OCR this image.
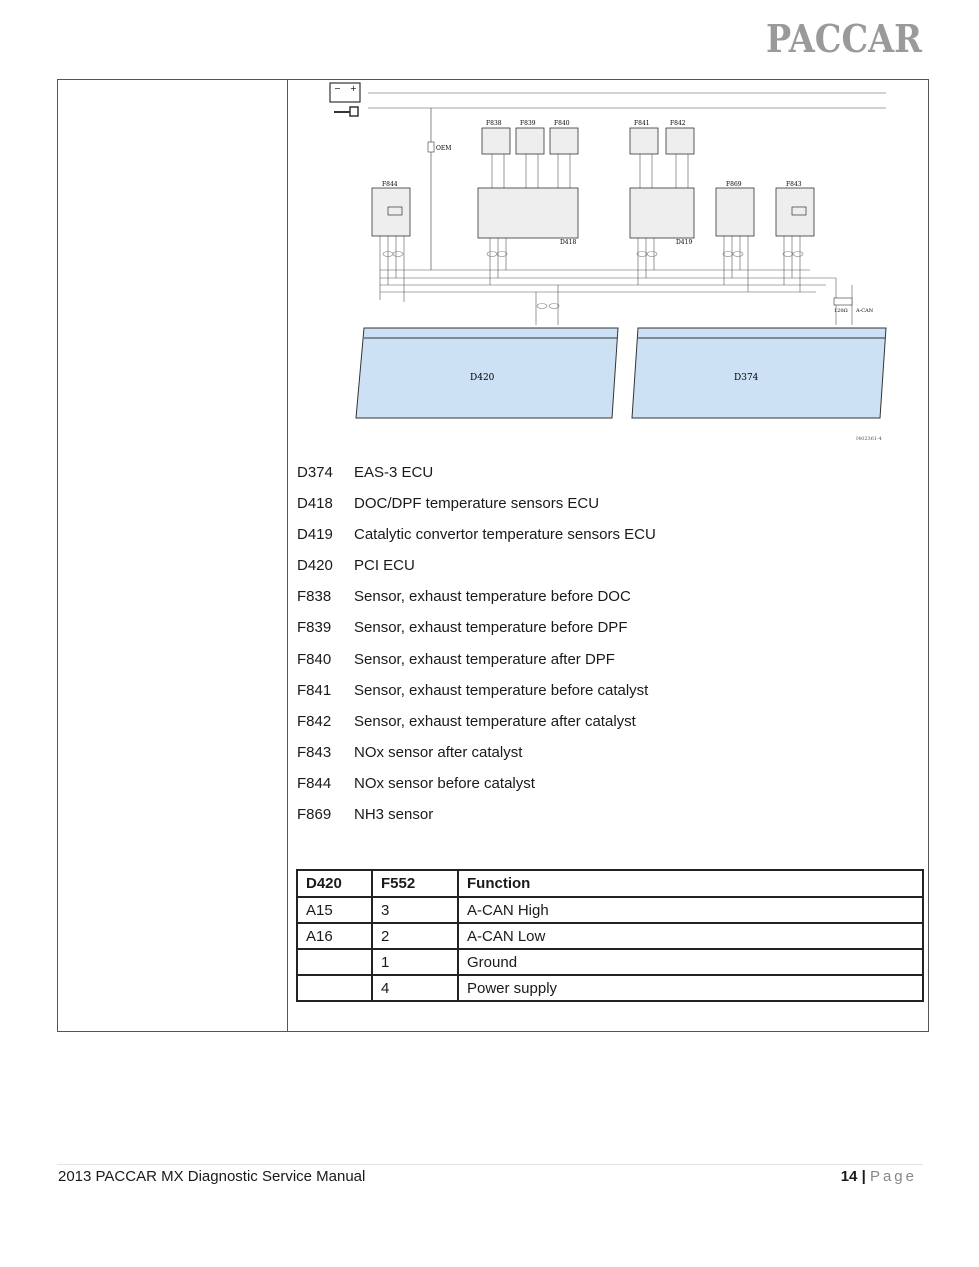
PACCAR
− +
OEM
F838	F839	F840	F841	F842
F844
D418	D419
F869	F843
120Ω A-CAN
D420	D374
I402361-4
D374 EAS-3 ECU
D418 DOC/DPF temperature sensors ECU
D419 Catalytic convertor temperature sensors ECU
D420 PCI ECU
F838 Sensor, exhaust temperature before DOC
F839 Sensor, exhaust temperature before DPF
F840 Sensor, exhaust temperature after DPF
F841 Sensor, exhaust temperature before catalyst
F842 Sensor, exhaust temperature after catalyst
F843 NOx sensor after catalyst
F844 NOx sensor before catalyst
F869 NH3 sensor
D420	F552	Function
A15	3	A-CAN High
A16	2	A-CAN Low
	1	Ground
	4	Power supply
2013 PACCAR MX Diagnostic Service Manual	14 | Page
